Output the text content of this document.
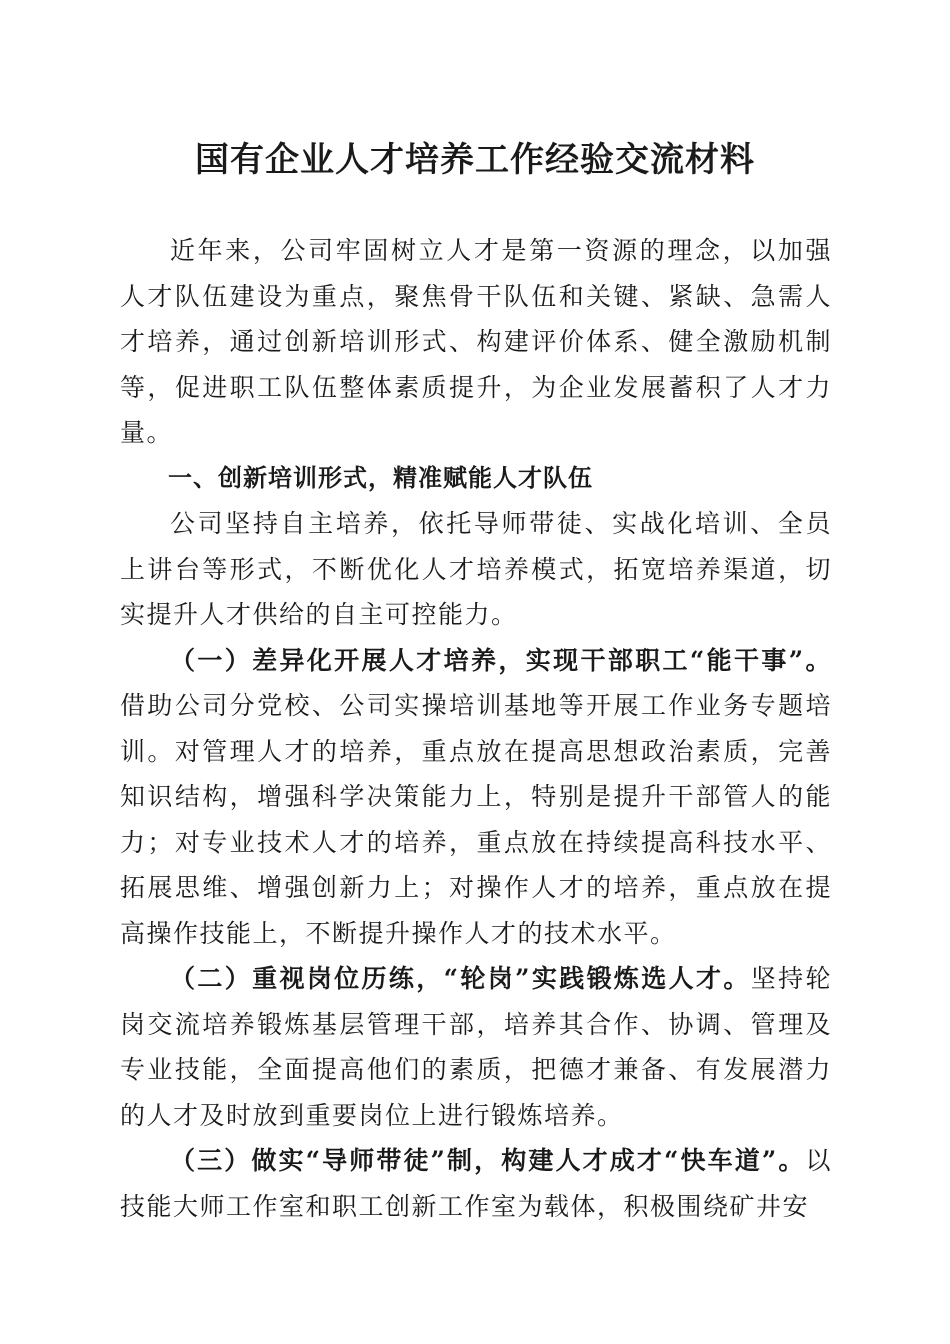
国有企业人才培养工作经验交流材料

近年来，公司牢固树立人才是第一资源的理念，以加强人才队伍建设为重点，聚焦骨干队伍和关键、紧缺、急需人才培养，通过创新培训形式、构建评价体系、健全激励机制等，促进职工队伍整体素质提升，为企业发展蓄积了人才力量。

一、创新培训形式，精准赋能人才队伍

公司坚持自主培养，依托导师带徒、实战化培训、全员上讲台等形式，不断优化人才培养模式，拓宽培养渠道，切实提升人才供给的自主可控能力。

（一）差异化开展人才培养，实现干部职工“能干事”。借助公司分党校、公司实操培训基地等开展工作业务专题培训。对管理人才的培养，重点放在提高思想政治素质，完善知识结构，增强科学决策能力上，特别是提升干部管人的能力；对专业技术人才的培养，重点放在持续提高科技水平、拓展思维、增强创新力上；对操作人才的培养，重点放在提高操作技能上，不断提升操作人才的技术水平。

（二）重视岗位历练，“轮岗”实践锻炼选人才。坚持轮岗交流培养锻炼基层管理干部，培养其合作、协调、管理及专业技能，全面提高他们的素质，把德才兼备、有发展潜力的人才及时放到重要岗位上进行锻炼培养。

（三）做实“导师带徒”制，构建人才成才“快车道”。以技能大师工作室和职工创新工作室为载体，积极围绕矿井安
